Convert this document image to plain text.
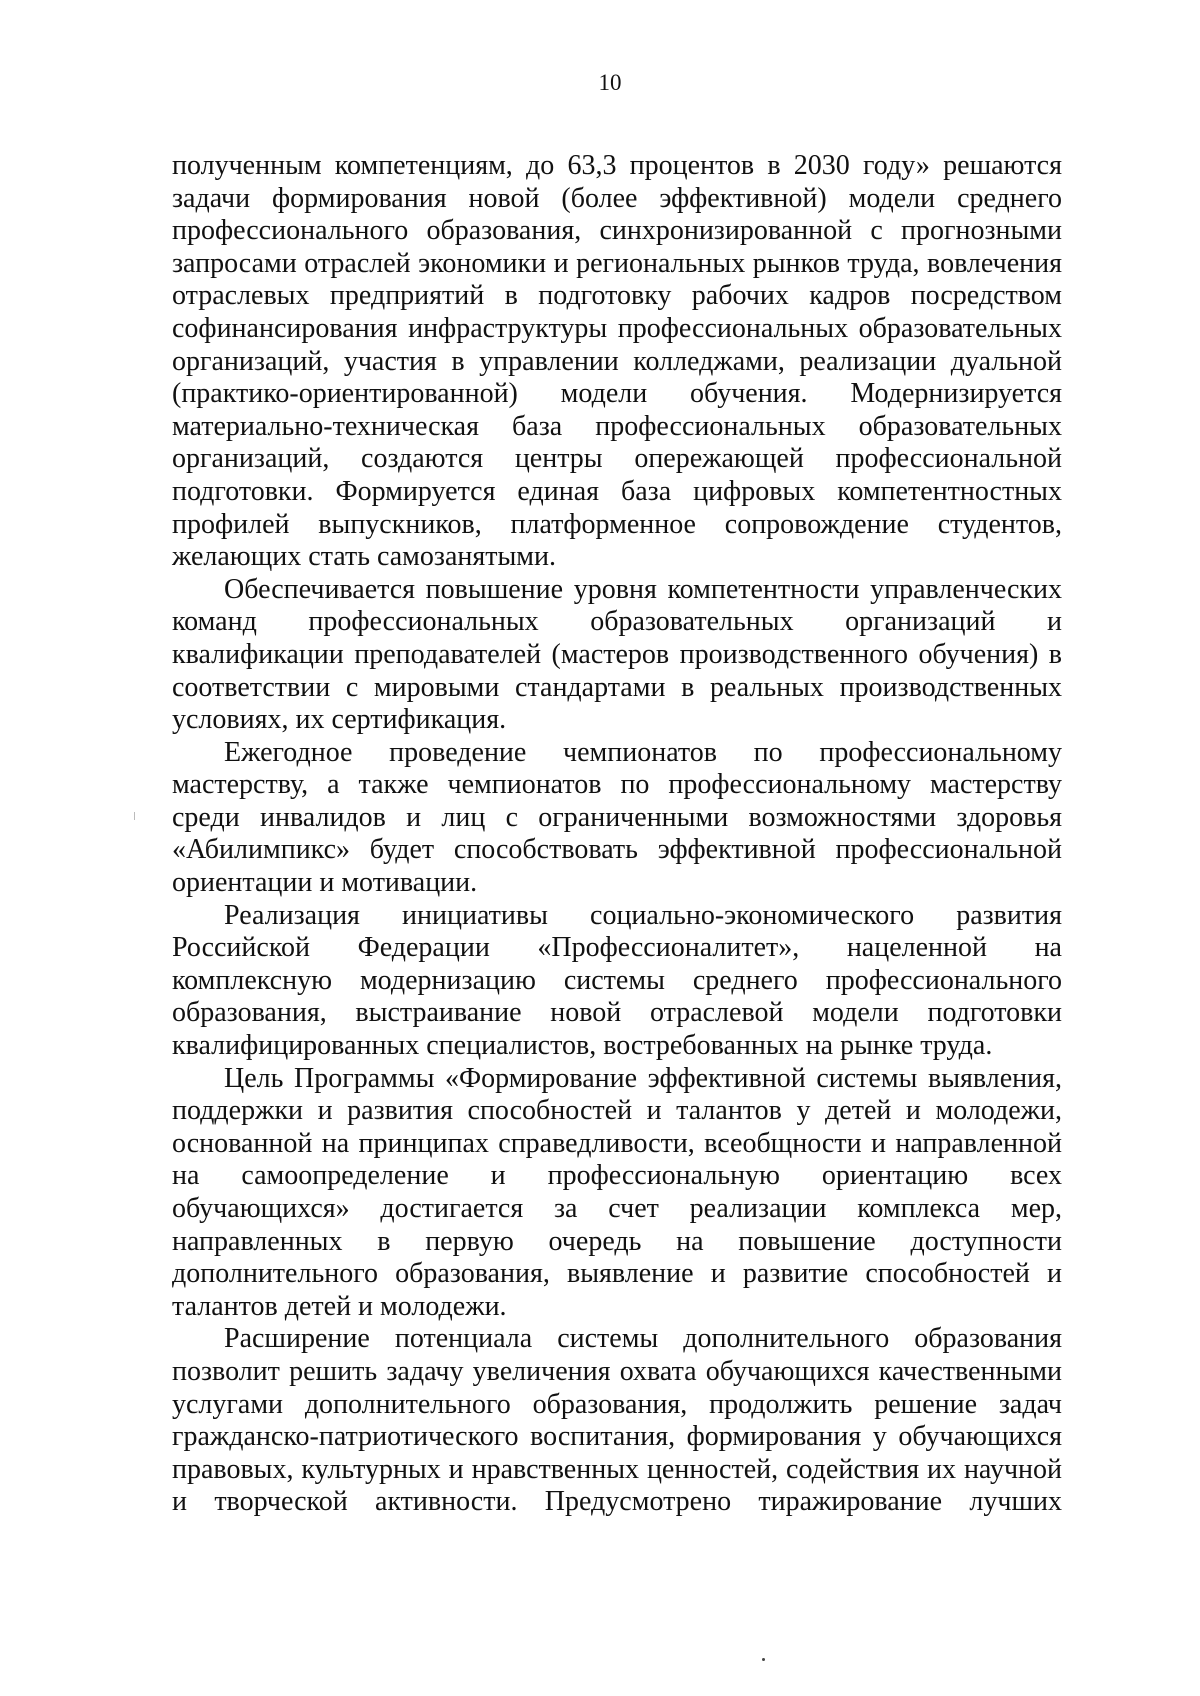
10

полученным компетенциям, до 63,3 процентов в 2030 году» решаются задачи формирования новой (более эффективной) модели среднего профессионального образования, синхронизированной с прогнозными запросами отраслей экономики и региональных рынков труда, вовлечения отраслевых предприятий в подготовку рабочих кадров посредством софинансирования инфраструктуры профессиональных образовательных организаций, участия в управлении колледжами, реализации дуальной (практико-ориентированной) модели обучения. Модернизируется материально-техническая база профессиональных образовательных организаций, создаются центры опережающей профессиональной подготовки. Формируется единая база цифровых компетентностных профилей выпускников, платформенное сопровождение студентов, желающих стать самозанятыми.

Обеспечивается повышение уровня компетентности управленческих команд профессиональных образовательных организаций и квалификации преподавателей (мастеров производственного обучения) в соответствии с мировыми стандартами в реальных производственных условиях, их сертификация.

Ежегодное проведение чемпионатов по профессиональному мастерству, а также чемпионатов по профессиональному мастерству среди инвалидов и лиц с ограниченными возможностями здоровья «Абилимпикс» будет способствовать эффективной профессиональной ориентации и мотивации.

Реализация инициативы социально-экономического развития Российской Федерации «Профессионалитет», нацеленной на комплексную модернизацию системы среднего профессионального образования, выстраивание новой отраслевой модели подготовки квалифицированных специалистов, востребованных на рынке труда.

Цель Программы «Формирование эффективной системы выявления, поддержки и развития способностей и талантов у детей и молодежи, основанной на принципах справедливости, всеобщности и направленной на самоопределение и профессиональную ориентацию всех обучающихся» достигается за счет реализации комплекса мер, направленных в первую очередь на повышение доступности дополнительного образования, выявление и развитие способностей и талантов детей и молодежи.

Расширение потенциала системы дополнительного образования позволит решить задачу увеличения охвата обучающихся качественными услугами дополнительного образования, продолжить решение задач гражданско-патриотического воспитания, формирования у обучающихся правовых, культурных и нравственных ценностей, содействия их научной и творческой активности. Предусмотрено тиражирование лучших
